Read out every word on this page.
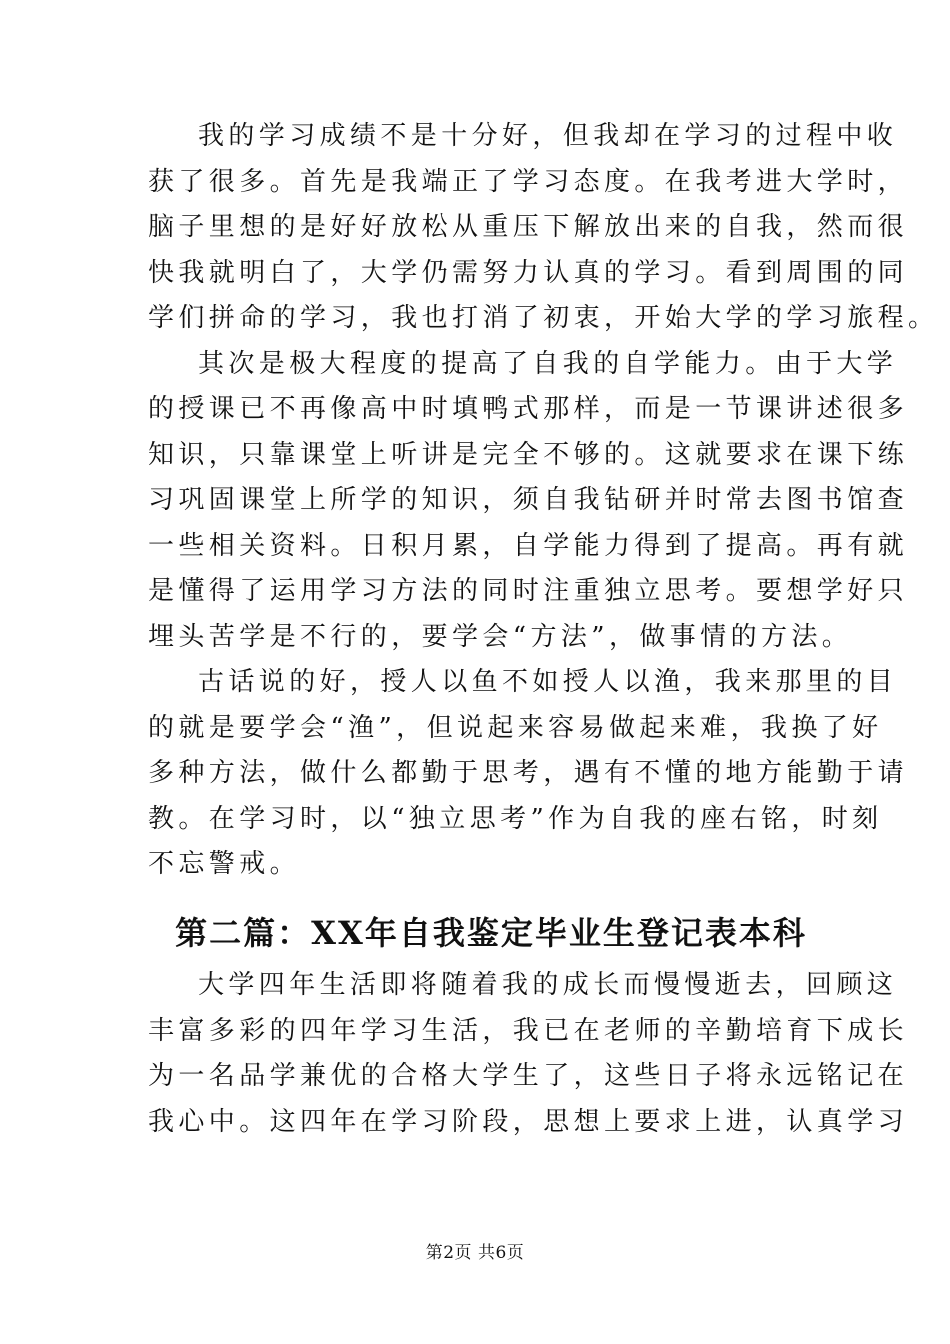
我的学习成绩不是十分好，但我却在学习的过程中收
获了很多。首先是我端正了学习态度。在我考进大学时，
脑子里想的是好好放松从重压下解放出来的自我，然而很
快我就明白了，大学仍需努力认真的学习。看到周围的同
学们拼命的学习，我也打消了初衷，开始大学的学习旅程。
其次是极大程度的提高了自我的自学能力。由于大学
的授课已不再像高中时填鸭式那样，而是一节课讲述很多
知识，只靠课堂上听讲是完全不够的。这就要求在课下练
习巩固课堂上所学的知识，须自我钻研并时常去图书馆查
一些相关资料。日积月累，自学能力得到了提高。再有就
是懂得了运用学习方法的同时注重独立思考。要想学好只
埋头苦学是不行的，要学会“方法”，做事情的方法。
古话说的好，授人以鱼不如授人以渔，我来那里的目
的就是要学会“渔”，但说起来容易做起来难，我换了好
多种方法，做什么都勤于思考，遇有不懂的地方能勤于请
教。在学习时，以“独立思考”作为自我的座右铭，时刻
不忘警戒。
第二篇：XX年自我鉴定毕业生登记表本科
大学四年生活即将随着我的成长而慢慢逝去，回顾这
丰富多彩的四年学习生活，我已在老师的辛勤培育下成长
为一名品学兼优的合格大学生了，这些日子将永远铭记在
我心中。这四年在学习阶段，思想上要求上进，认真学习
第2页 共6页
